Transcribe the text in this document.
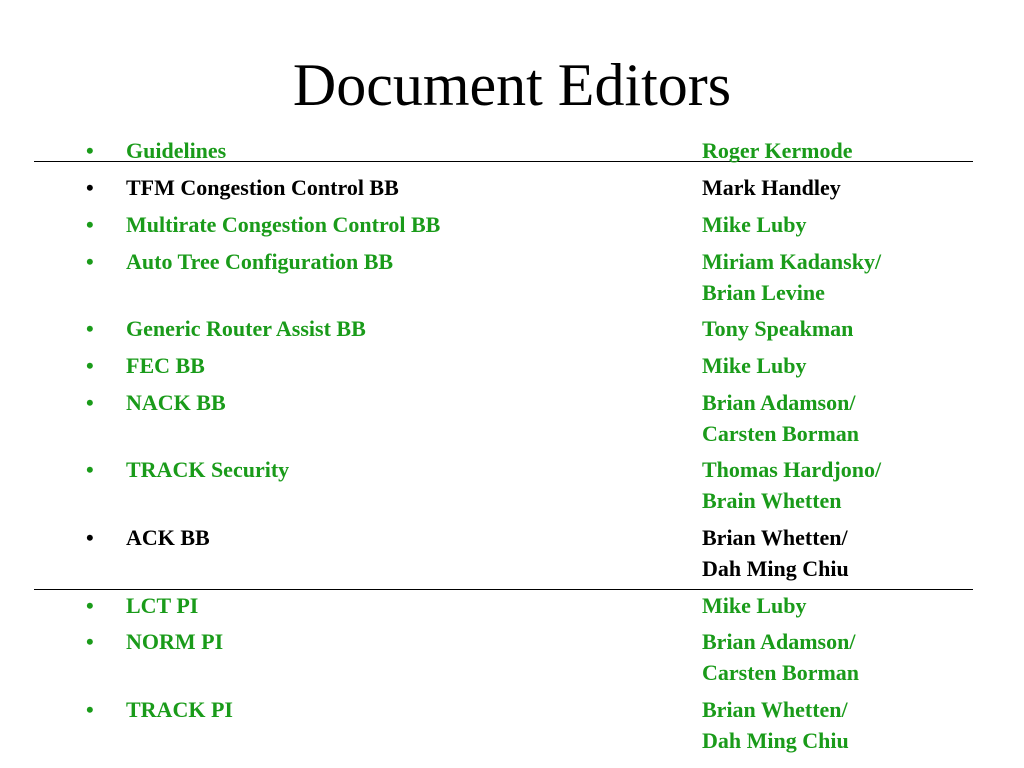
Document Editors
• Guidelines	Roger Kermode
• TFM Congestion Control BB	Mark Handley
• Multirate Congestion Control BB	Mike Luby
• Auto Tree Configuration BB	Miriam Kadansky/
Brian Levine
• Generic Router Assist BB	Tony Speakman
• FEC BB	Mike Luby
• NACK BB	Brian Adamson/
Carsten Borman
• TRACK Security	Thomas Hardjono/
Brain Whetten
• ACK BB	Brian Whetten/
Dah Ming Chiu
• LCT PI	Mike Luby
• NORM PI	Brian Adamson/
Carsten Borman
• TRACK PI	Brian Whetten/
Dah Ming Chiu
